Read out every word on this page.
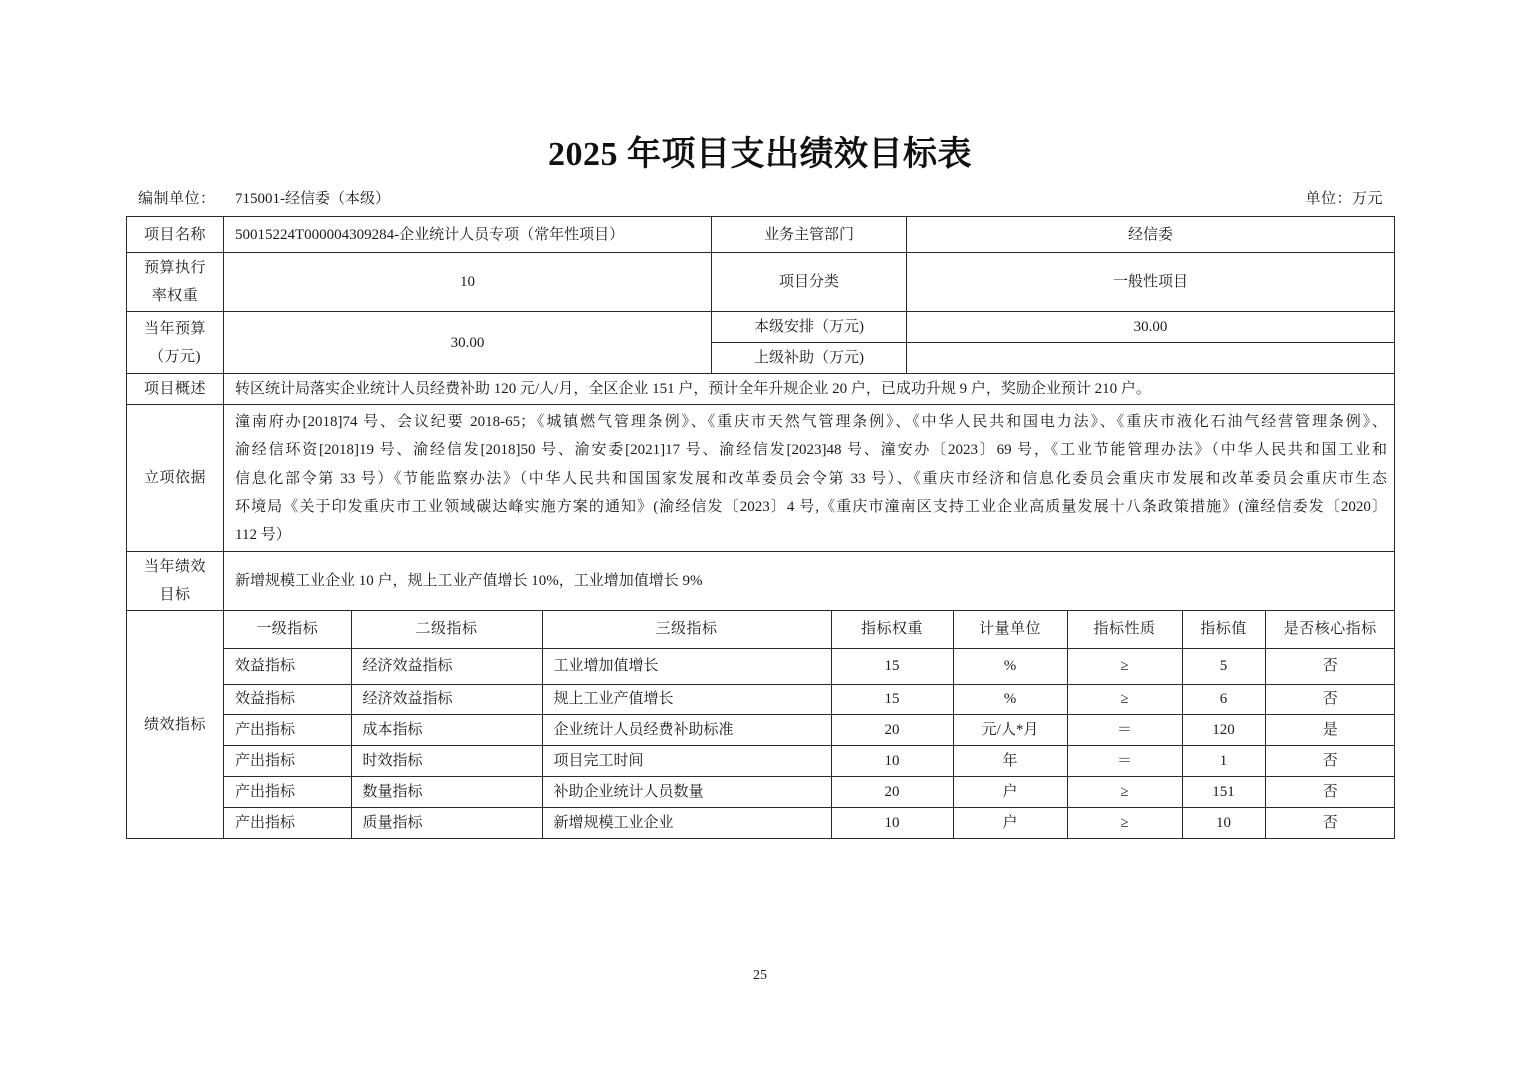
2025 年项目支出绩效目标表
编制单位： 715001-经信委（本级）	单位：万元
项目名称	50015224T000004309284-企业统计人员专项（常年性项目）	业务主管部门	经信委
预算执行率权重	10	项目分类	一般性项目
当年预算（万元)	30.00	本级安排（万元)	30.00
上级补助（万元)	
项目概述	转区统计局落实企业统计人员经费补助 120 元/人/月，全区企业 151 户，预计全年升规企业 20 户，已成功升规 9 户，奖励企业预计 210 户。
立项依据	
潼南府办[2018]74 号、会议纪要 2018-65；《城镇燃气管理条例》、《重庆市天然气管理条例》、《中华人民共和国电力法》、《重庆市液化石油气经营管理条例》、
渝经信环资[2018]19 号、渝经信发[2018]50 号、渝安委[2021]17 号、渝经信发[2023]48 号、潼安办〔2023〕69 号，《工业节能管理办法》（中华人民共和国工业和
信息化部令第 33 号）《节能监察办法》（中华人民共和国国家发展和改革委员会令第 33 号）、《重庆市经济和信息化委员会重庆市发展和改革委员会重庆市生态
环境局《关于印发重庆市工业领域碳达峰实施方案的通知》(渝经信发〔2023〕4 号,《重庆市潼南区支持工业企业高质量发展十八条政策措施》(潼经信委发〔2020〕
112 号）

当年绩效目标	新增规模工业企业 10 户，规上工业产值增长 10%，工业增加值增长 9%
绩效指标	
一级指标	二级指标	三级指标	指标权重	计量单位	指标性质	指标值	是否核心指标
效益指标	经济效益指标	工业增加值增长	15	%	≥	5	否
效益指标	经济效益指标	规上工业产值增长	15	%	≥	6	否
产出指标	成本指标	企业统计人员经费补助标准	20	元/人*月	＝	120	是
产出指标	时效指标	项目完工时间	10	年	＝	1	否
产出指标	数量指标	补助企业统计人员数量	20	户	≥	151	否
产出指标	质量指标	新增规模工业企业	10	户	≥	10	否
25
